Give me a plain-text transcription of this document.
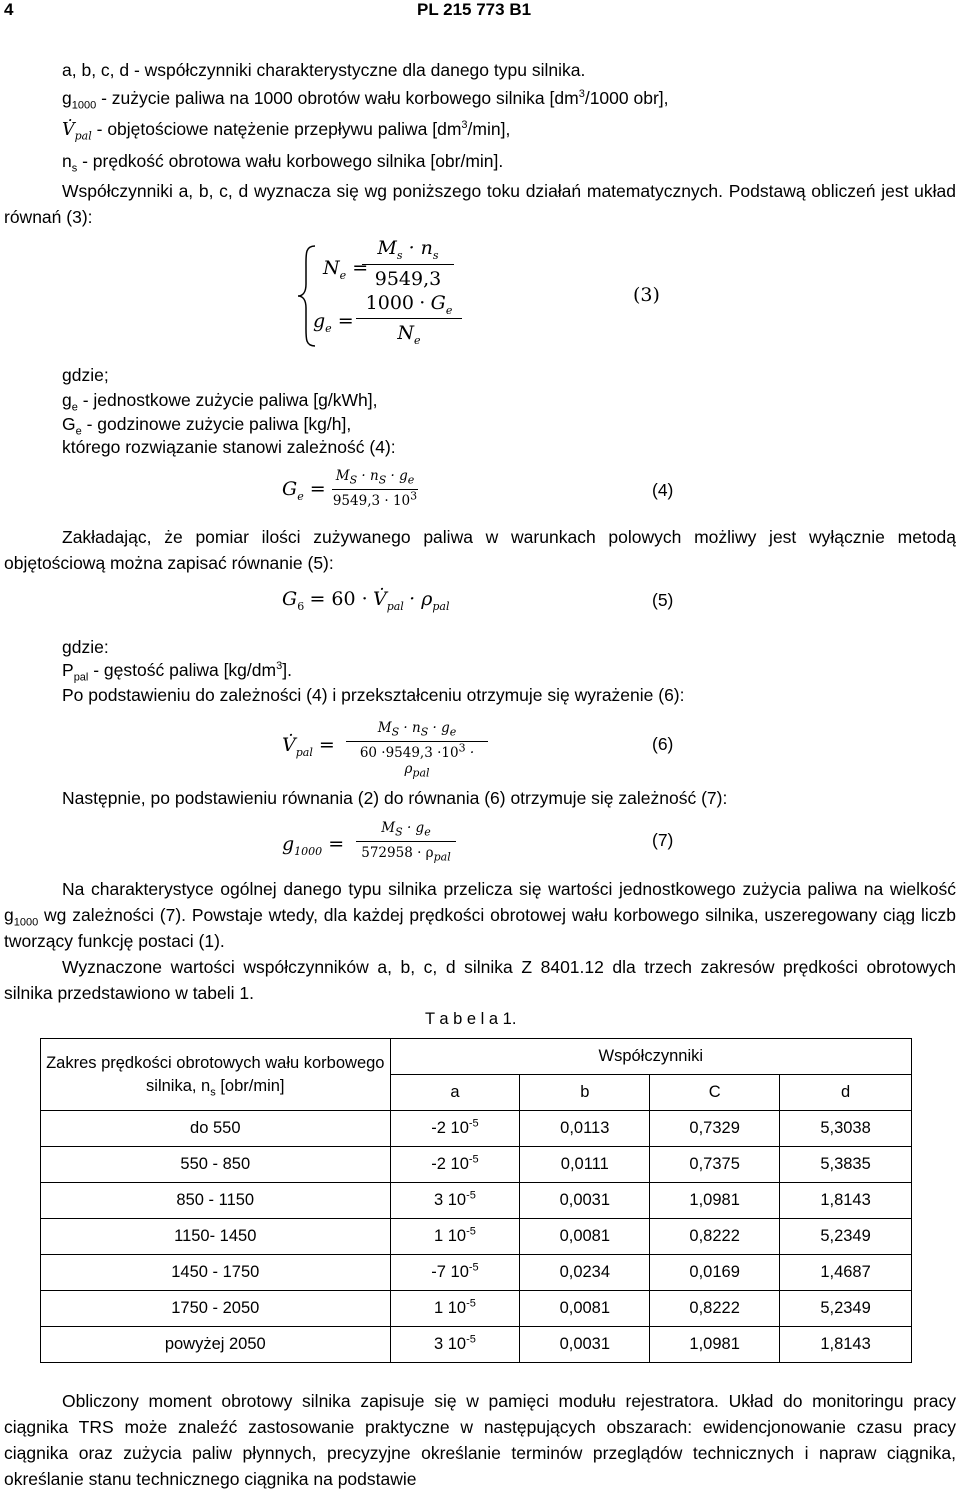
4	PL 215 773 B1
a, b, c, d - współczynniki charakterystyczne dla danego typu silnika.
$g_{1000}$ - zużycie paliwa na 1000 obrotów wału korbowego silnika [$dm^3/1000$ obr],
$V̇_{pal}$ - objętościowe natężenie przepływu paliwa $[dm^3/\min]$,
$n_s$ - prędkość obrotowa wału korbowego silnika [obr/min].
Współczynniki a, b, c, d wyznacza się wg poniższego toku działań matematycznych. Podstawą obliczeń jest układ równań (3):
$N_e$ =
$M_s \cdot n_s$
9549,3
$g_e$ =
$1000 \cdot G_e$
$N_e$
(3)
gdzie;
$g_e$ - jednostkowe zużycie paliwa [g/kWh],
$G_e$ - godzinowe zużycie paliwa [kg/h],
którego rozwiązanie stanowi zależność (4):
$G_e$ =
$M_S \cdot n_S \cdot g_e$
$9549,3 \cdot 10^3$	(4)
Zakładając, że pomiar ilości zużywanego paliwa w warunkach polowych możliwy jest wyłącznie metodą objętościową można zapisać równanie (5):
$G_6 = 60$ · $V̇_{pal} \cdot \rho_{pal}$	(5)
gdzie:
$P_{pal}$ - gęstość paliwa $[kg/dm^3]$.
Po podstawieniu do zależności (4) i przekształceniu otrzymuje się wyrażenie (6):
$V̇_{pal}$ =
$M_S \cdot n_S \cdot g_e$
$60 \cdot 9549,3 \cdot 10^3 \cdot \rho_{pal}$
(6)
Następnie, po podstawieniu równania (2) do równania (6) otrzymuje się zależność (7):
$g_{1000}$ =
$M_S \cdot g_e$
$572958 \cdot \rho_{pal}$
(7)
Na charakterystyce ogólnej danego typu silnika przelicza się wartości jednostkowego zużycia paliwa na wielkość $g_{1000}$ wg zależności (7). Powstaje wtedy, dla każdej prędkości obrotowej wału korbowego silnika, uszeregowany ciąg liczb tworzący funkcję postaci (1).
Wyznaczone wartości współczynników a, b, c, d silnika Z 8401.12 dla trzech zakresów prędkości obrotowych silnika przedstawiono w tabeli 1.
T a b e l a 1.
Zakres prędkości obrotowych wału korbowego silnika, $n_s$ [obr/min]	Współczynniki			
	a	b	C	d
do 550	-2 $10^{-5}$	0,0113	0,7329	5,3038
550 - 850	-2 $10^{-5}$	0,0111	0,7375	5,3835
850 - 1150	3 $10^{-5}$	0,0031	1,0981	1,8143
1150- 1450	1 $10^{-5}$	0,0081	0,8222	5,2349
1450 - 1750	-7 $10^{-5}$	0,0234	0,0169	1,4687
1750 - 2050	1 $10^{-5}$	0,0081	0,8222	5,2349
powyżej 2050	3 $10^{-5}$	0,0031	1,0981	1,8143
Obliczony moment obrotowy silnika zapisuje się w pamięci modułu rejestratora. Układ do monitoringu pracy ciągnika TRS może znaleźć zastosowanie praktyczne w następujących obszarach: ewidencjonowanie czasu pracy ciągnika oraz zużycia paliw płynnych, precyzyjne określanie terminów przeglądów technicznych i napraw ciągnika, określanie stanu technicznego ciągnika na podstawie
